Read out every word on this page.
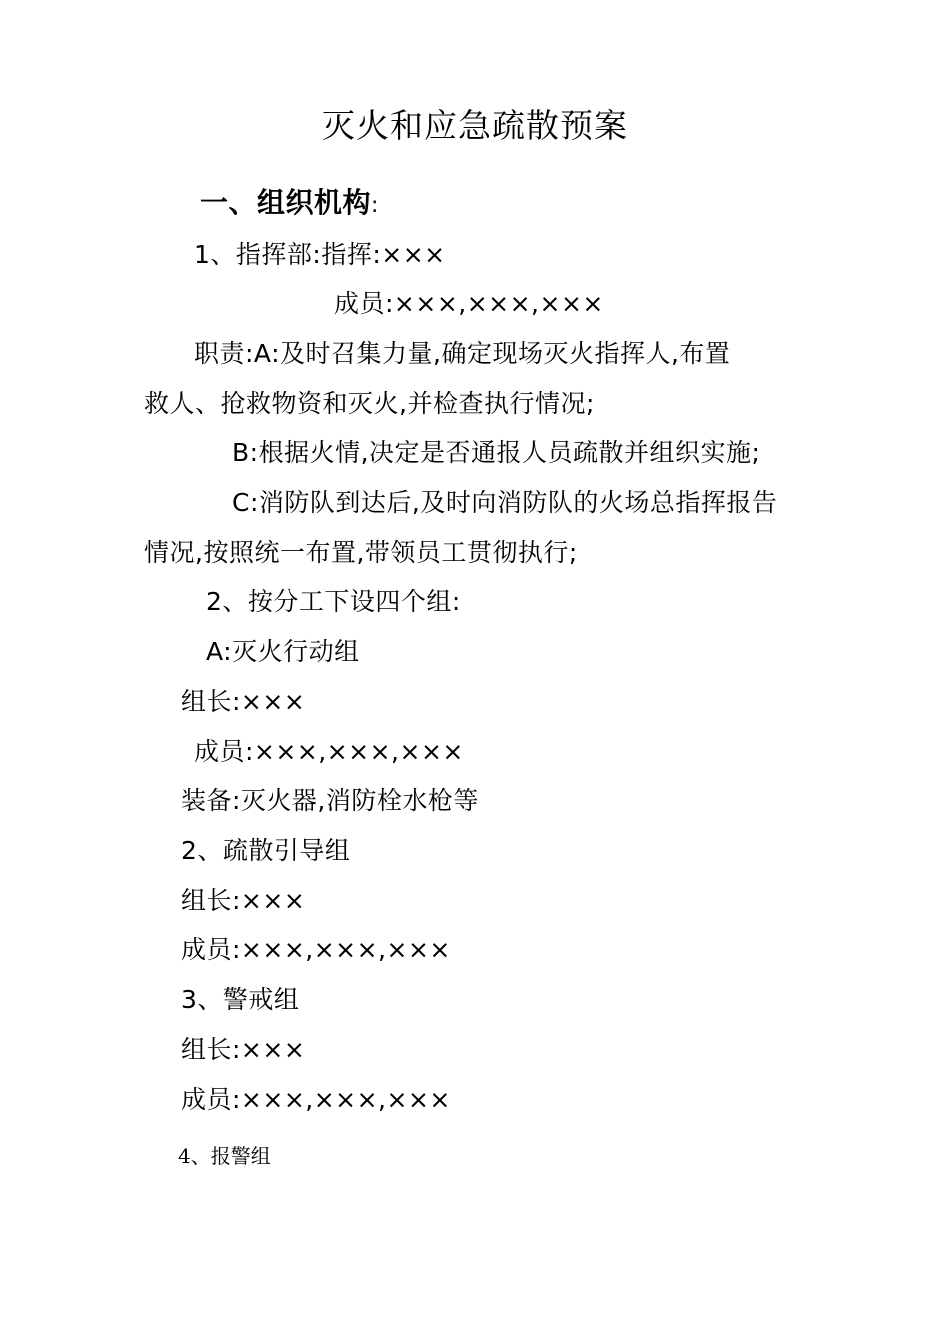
灭火和应急疏散预案
一、组织机构:
1、指挥部:指挥:×××
成员:×××,×××,×××
职责:A:及时召集力量,确定现场灭火指挥人,布置
救人、抢救物资和灭火,并检查执行情况;
B:根据火情,决定是否通报人员疏散并组织实施;
C:消防队到达后,及时向消防队的火场总指挥报告
情况,按照统一布置,带领员工贯彻执行;
2、按分工下设四个组:
A:灭火行动组
组长:×××
成员:×××,×××,×××
装备:灭火器,消防栓水枪等
2、疏散引导组
组长:×××
成员:×××,×××,×××
3、警戒组
组长:×××
成员:×××,×××,×××
4、报警组
